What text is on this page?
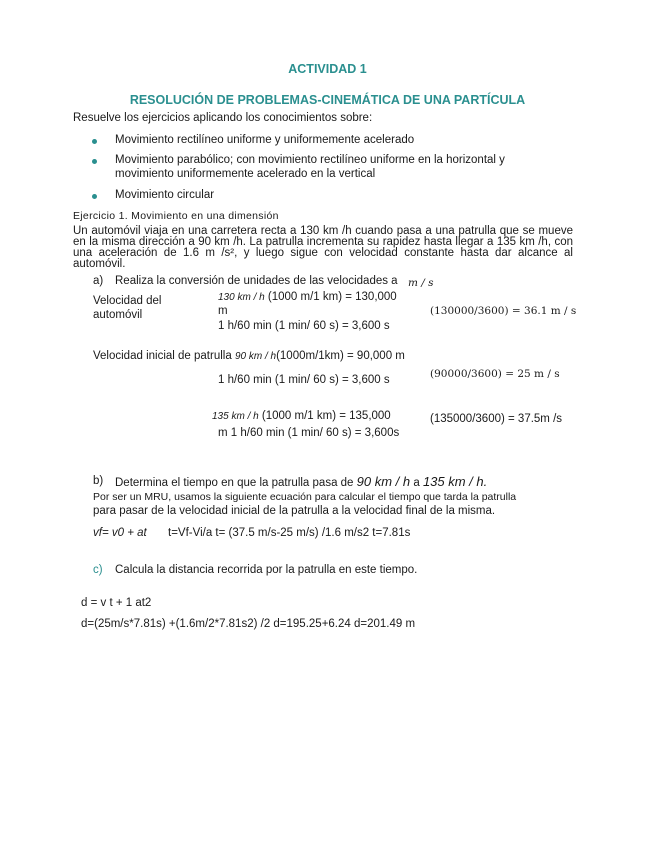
ACTIVIDAD 1
RESOLUCIÓN DE PROBLEMAS-CINEMÁTICA DE UNA PARTÍCULA
Resuelve los ejercicios aplicando los conocimientos sobre:
Movimiento rectilíneo uniforme y uniformemente acelerado
Movimiento parabólico; con movimiento rectilíneo uniforme en la horizontal y
movimiento uniformemente acelerado en la vertical
Movimiento circular
Ejercicio 1. Movimiento en una dimensión
Un automóvil viaja en una carretera recta a 130 km /h cuando pasa a una patrulla que se mueve en la misma dirección a 90 km /h. La patrulla incrementa su rapidez hasta llegar a 135 km /h, con una aceleración de 1.6 m /s², y luego sigue con velocidad constante hasta dar alcance al automóvil.
a) Realiza la conversión de unidades de las velocidades a m / s
Velocidad del
automóvil
130 km / h (1000 m/1 km) = 130,000
m
1 h/60 min (1 min/ 60 s) = 3,600 s
(130000/3600) = 36.1 m / s
Velocidad inicial de patrulla 90 km / h(1000m/1km) = 90,000 m
1 h/60 min (1 min/ 60 s) = 3,600 s	(90000/3600) = 25 m / s
135 km / h (1000 m/1 km) = 135,000
m 1 h/60 min (1 min/ 60 s) = 3,600s
(135000/3600) = 37.5m /s
b) Determina el tiempo en que la patrulla pasa de 90 km / h a 135 km / h.
Por ser un MRU, usamos la siguiente ecuación para calcular el tiempo que tarda la patrulla
para pasar de la velocidad inicial de la patrulla a la velocidad final de la misma.
vf= v0 + at t=Vf-Vi/a t= (37.5 m/s-25 m/s) /1.6 m/s2 t=7.81s
c) Calcula la distancia recorrida por la patrulla en este tiempo.
d = v t + 1 at2
d=(25m/s*7.81s) +(1.6m/2*7.81s2) /2 d=195.25+6.24 d=201.49 m
